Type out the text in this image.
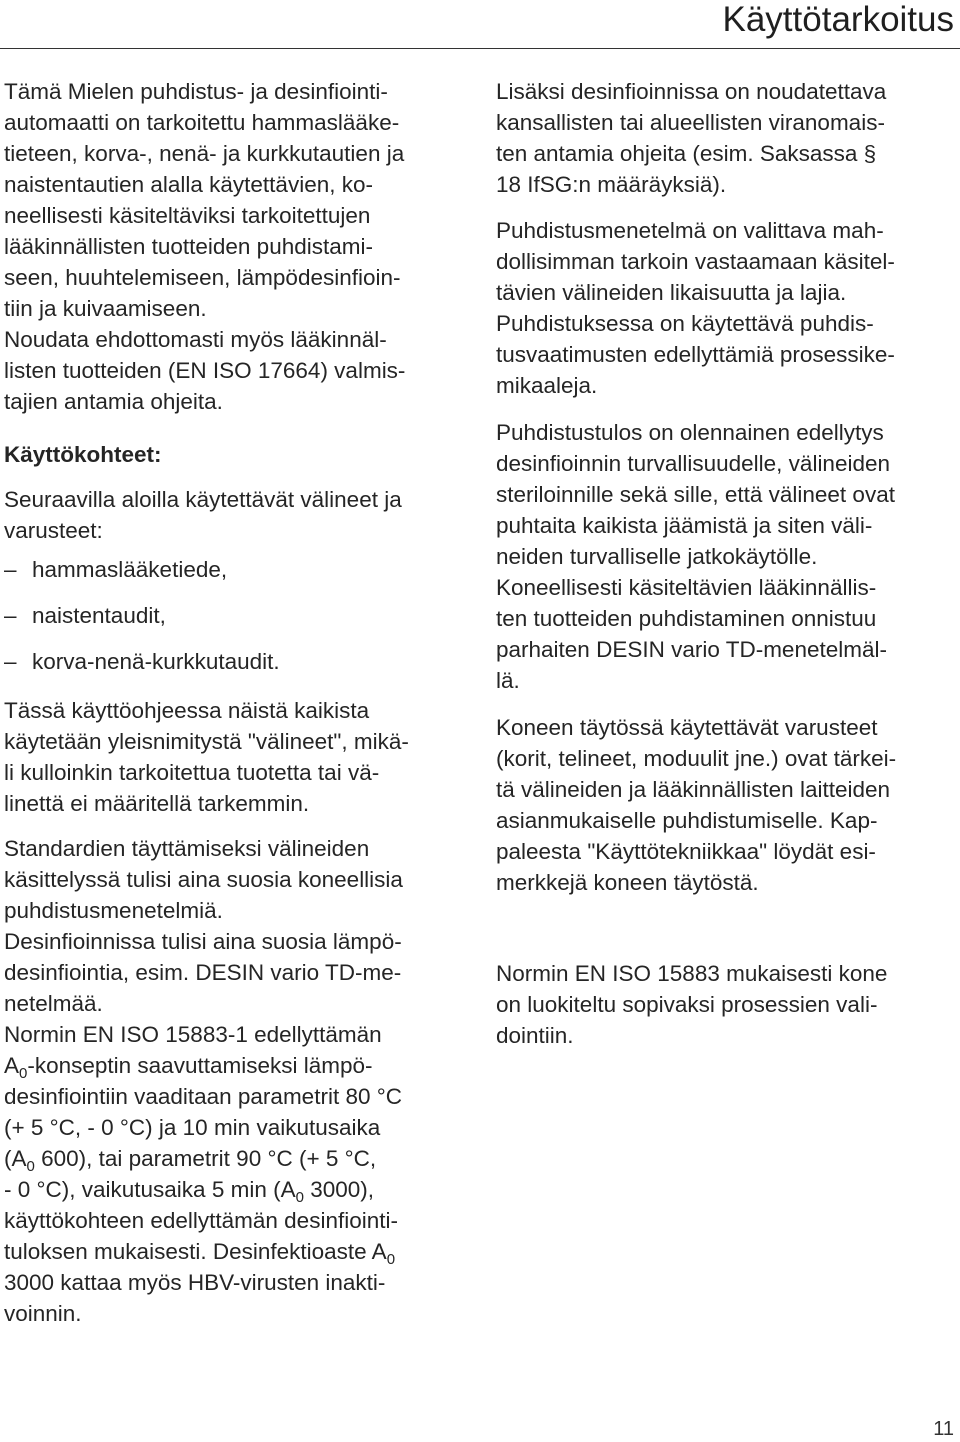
Käyttötarkoitus
Tämä Mielen puhdistus- ja desinfiointi-
automaatti on tarkoitettu hammaslääke-
tieteen, korva-, nenä- ja kurkkutautien ja
naistentautien alalla käytettävien, ko-
neellisesti käsiteltäviksi tarkoitettujen
lääkinnällisten tuotteiden puhdistami-
seen, huuhtelemiseen, lämpödesinfioin-
tiin ja kuivaamiseen.
Noudata ehdottomasti myös lääkinnäl-
listen tuotteiden (EN ISO 17664) valmis-
tajien antamia ohjeita.
Käyttökohteet:
Seuraavilla aloilla käytettävät välineet ja
varusteet:
– hammaslääketiede,
– naistentaudit,
– korva-nenä-kurkkutaudit.
Tässä käyttöohjeessa näistä kaikista
käytetään yleisnimitystä "välineet", mikä-
li kulloinkin tarkoitettua tuotetta tai vä-
linettä ei määritellä tarkemmin.
Standardien täyttämiseksi välineiden
käsittelyssä tulisi aina suosia koneellisia
puhdistusmenetelmiä.
Desinfioinnissa tulisi aina suosia lämpö-
desinfiointia, esim. DESIN vario TD-me-
netelmää.
Normin EN ISO 15883-1 edellyttämän
$A_0$-konseptin saavuttamiseksi lämpö-
desinfiointiin vaaditaan parametrit 80 °C
(+ 5 °C, - 0 °C) ja 10 min vaikutusaika
($A_0$ 600), tai parametrit 90 °C (+ 5 °C,
- 0 °C), vaikutusaika 5 $\min (A_0$ 3000),
käyttökohteen edellyttämän desinfiointi-
tuloksen mukaisesti. Desinfektioaste $A_0$
3000 kattaa myös HBV-virusten inakti-
voinnin.
Lisäksi desinfioinnissa on noudatettava
kansallisten tai alueellisten viranomais-
ten antamia ohjeita (esim. Saksassa §
18 IfSG:n määräyksiä).
Puhdistusmenetelmä on valittava mah-
dollisimman tarkoin vastaamaan käsitel-
tävien välineiden likaisuutta ja lajia.
Puhdistuksessa on käytettävä puhdis-
tusvaatimusten edellyttämiä prosessike-
mikaaleja.
Puhdistustulos on olennainen edellytys
desinfioinnin turvallisuudelle, välineiden
steriloinnille sekä sille, että välineet ovat
puhtaita kaikista jäämistä ja siten väli-
neiden turvalliselle jatkokäytölle.
Koneellisesti käsiteltävien lääkinnällis-
ten tuotteiden puhdistaminen onnistuu
parhaiten DESIN vario TD-menetelmäl-
lä.
Koneen täytössä käytettävät varusteet
(korit, telineet, moduulit jne.) ovat tärkei-
tä välineiden ja lääkinnällisten laitteiden
asianmukaiselle puhdistumiselle. Kap-
paleesta "Käyttötekniikkaa" löydät esi-
merkkejä koneen täytöstä.
Normin EN ISO 15883 mukaisesti kone
on luokiteltu sopivaksi prosessien vali-
dointiin.
11
